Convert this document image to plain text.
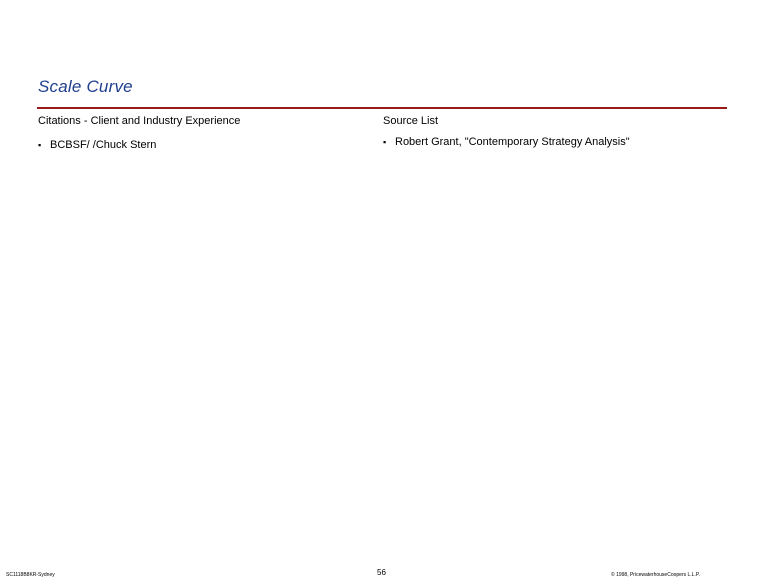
Scale Curve
Citations - Client and Industry Experience
▪ BCBSF/ /Chuck Stern
Source List
▪ Robert Grant, "Contemporary Strategy Analysis"
SC1118B8KR-Sydney	56	© 1998, PricewaterhouseCoopers L.L.P.
